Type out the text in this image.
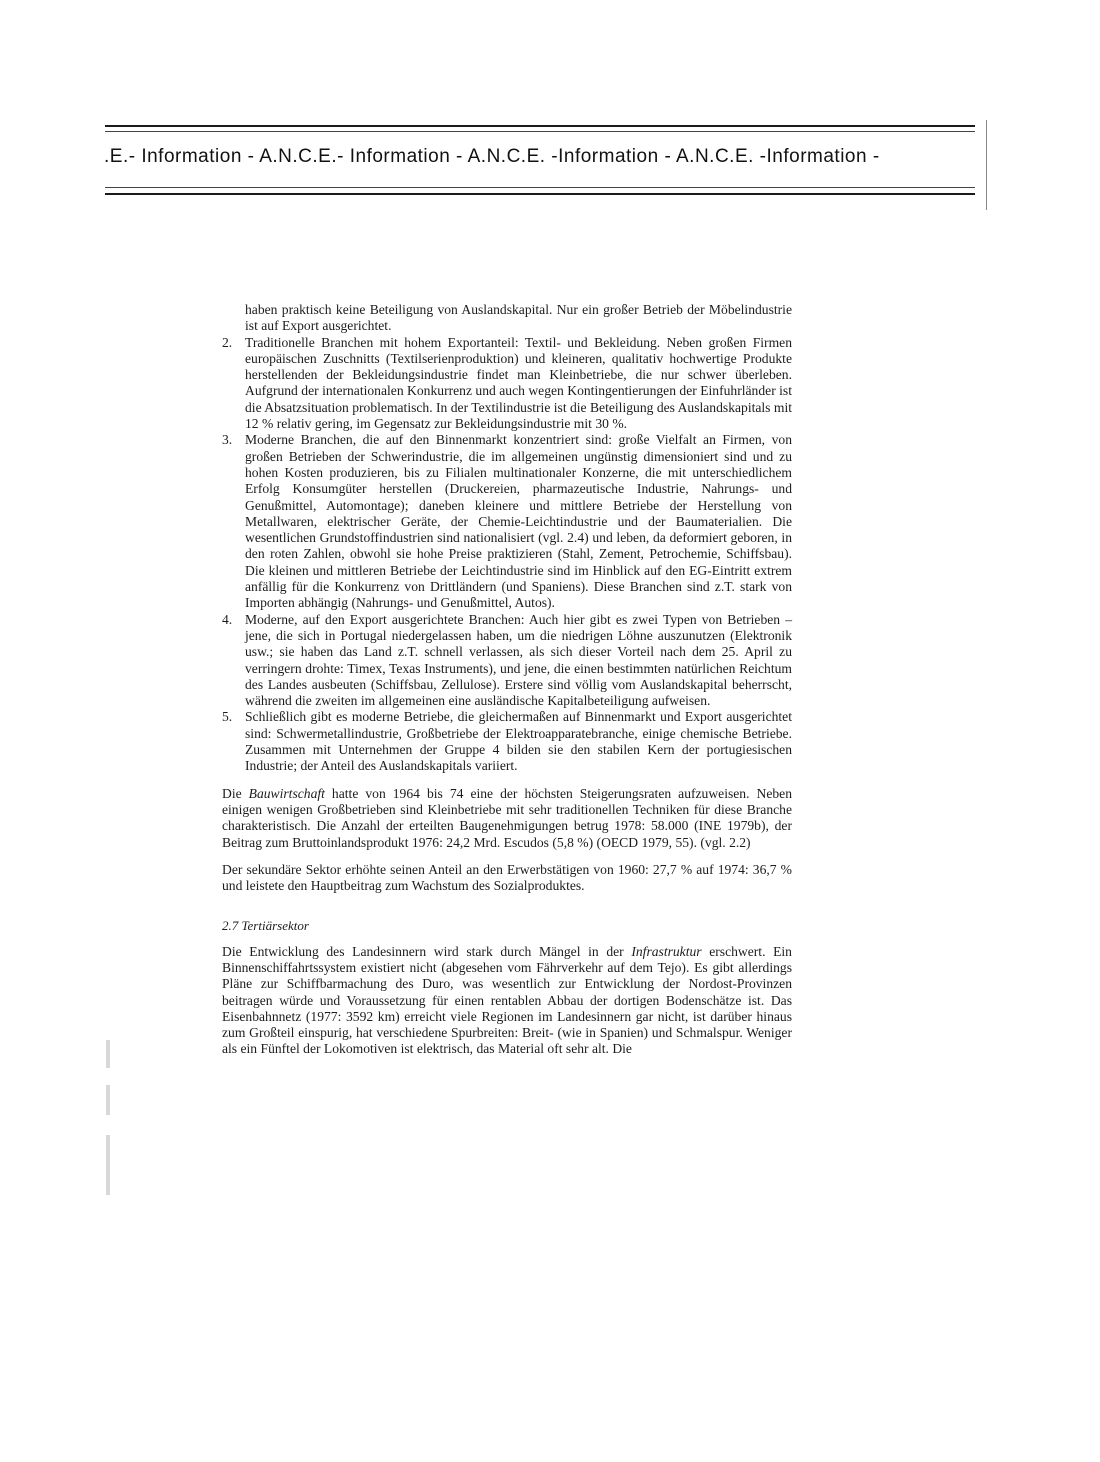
.E.- Information - A.N.C.E.- Information - A.N.C.E. -Information - A.N.C.E. -Information -

haben praktisch keine Beteiligung von Auslandskapital. Nur ein großer Betrieb der Möbelindustrie ist auf Export ausgerichtet.

2. Traditionelle Branchen mit hohem Exportanteil: Textil- und Bekleidung. Neben großen Firmen europäischen Zuschnitts (Textilserienproduktion) und kleineren, qualitativ hochwertige Produkte herstellenden der Bekleidungsindustrie findet man Kleinbetriebe, die nur schwer überleben. Aufgrund der internationalen Konkurrenz und auch wegen Kontingentierungen der Einfuhrländer ist die Absatzsituation problematisch. In der Textilindustrie ist die Beteiligung des Auslandskapitals mit 12 % relativ gering, im Gegensatz zur Bekleidungsindustrie mit 30 %.
3. Moderne Branchen, die auf den Binnenmarkt konzentriert sind: große Vielfalt an Firmen, von großen Betrieben der Schwerindustrie, die im allgemeinen ungünstig dimensioniert sind und zu hohen Kosten produzieren, bis zu Filialen multinationaler Konzerne, die mit unterschiedlichem Erfolg Konsumgüter herstellen (Druckereien, pharmazeutische Industrie, Nahrungs- und Genußmittel, Automontage); daneben kleinere und mittlere Betriebe der Herstellung von Metallwaren, elektrischer Geräte, der Chemie-Leichtindustrie und der Baumaterialien. Die wesentlichen Grundstoffindustrien sind nationalisiert (vgl. 2.4) und leben, da deformiert geboren, in den roten Zahlen, obwohl sie hohe Preise praktizieren (Stahl, Zement, Petrochemie, Schiffsbau). Die kleinen und mittleren Betriebe der Leichtindustrie sind im Hinblick auf den EG-Eintritt extrem anfällig für die Konkurrenz von Drittländern (und Spaniens). Diese Branchen sind z.T. stark von Importen abhängig (Nahrungs- und Genußmittel, Autos).
4. Moderne, auf den Export ausgerichtete Branchen: Auch hier gibt es zwei Typen von Betrieben – jene, die sich in Portugal niedergelassen haben, um die niedrigen Löhne auszunutzen (Elektronik usw.; sie haben das Land z.T. schnell verlassen, als sich dieser Vorteil nach dem 25. April zu verringern drohte: Timex, Texas Instruments), und jene, die einen bestimmten natürlichen Reichtum des Landes ausbeuten (Schiffsbau, Zellulose). Erstere sind völlig vom Auslandskapital beherrscht, während die zweiten im allgemeinen eine ausländische Kapitalbeteiligung aufweisen.
5. Schließlich gibt es moderne Betriebe, die gleichermaßen auf Binnenmarkt und Export ausgerichtet sind: Schwermetallindustrie, Großbetriebe der Elektroapparatebranche, einige chemische Betriebe. Zusammen mit Unternehmen der Gruppe 4 bilden sie den stabilen Kern der portugiesischen Industrie; der Anteil des Auslandskapitals variiert.

Die Bauwirtschaft hatte von 1964 bis 74 eine der höchsten Steigerungsraten aufzuweisen. Neben einigen wenigen Großbetrieben sind Kleinbetriebe mit sehr traditionellen Techniken für diese Branche charakteristisch. Die Anzahl der erteilten Baugenehmigungen betrug 1978: 58.000 (INE 1979b), der Beitrag zum Bruttoinlandsprodukt 1976: 24,2 Mrd. Escudos (5,8 %) (OECD 1979, 55). (vgl. 2.2)

Der sekundäre Sektor erhöhte seinen Anteil an den Erwerbstätigen von 1960: 27,7 % auf 1974: 36,7 % und leistete den Hauptbeitrag zum Wachstum des Sozialproduktes.

2.7 Tertiärsektor

Die Entwicklung des Landesinnern wird stark durch Mängel in der Infrastruktur erschwert. Ein Binnenschiffahrtssystem existiert nicht (abgesehen vom Fährverkehr auf dem Tejo). Es gibt allerdings Pläne zur Schiffbarmachung des Duro, was wesentlich zur Entwicklung der Nordost-Provinzen beitragen würde und Voraussetzung für einen rentablen Abbau der dortigen Bodenschätze ist. Das Eisenbahnnetz (1977: 3592 km) erreicht viele Regionen im Landesinnern gar nicht, ist darüber hinaus zum Großteil einspurig, hat verschiedene Spurbreiten: Breit- (wie in Spanien) und Schmalspur. Weniger als ein Fünftel der Lokomotiven ist elektrisch, das Material oft sehr alt. Die
